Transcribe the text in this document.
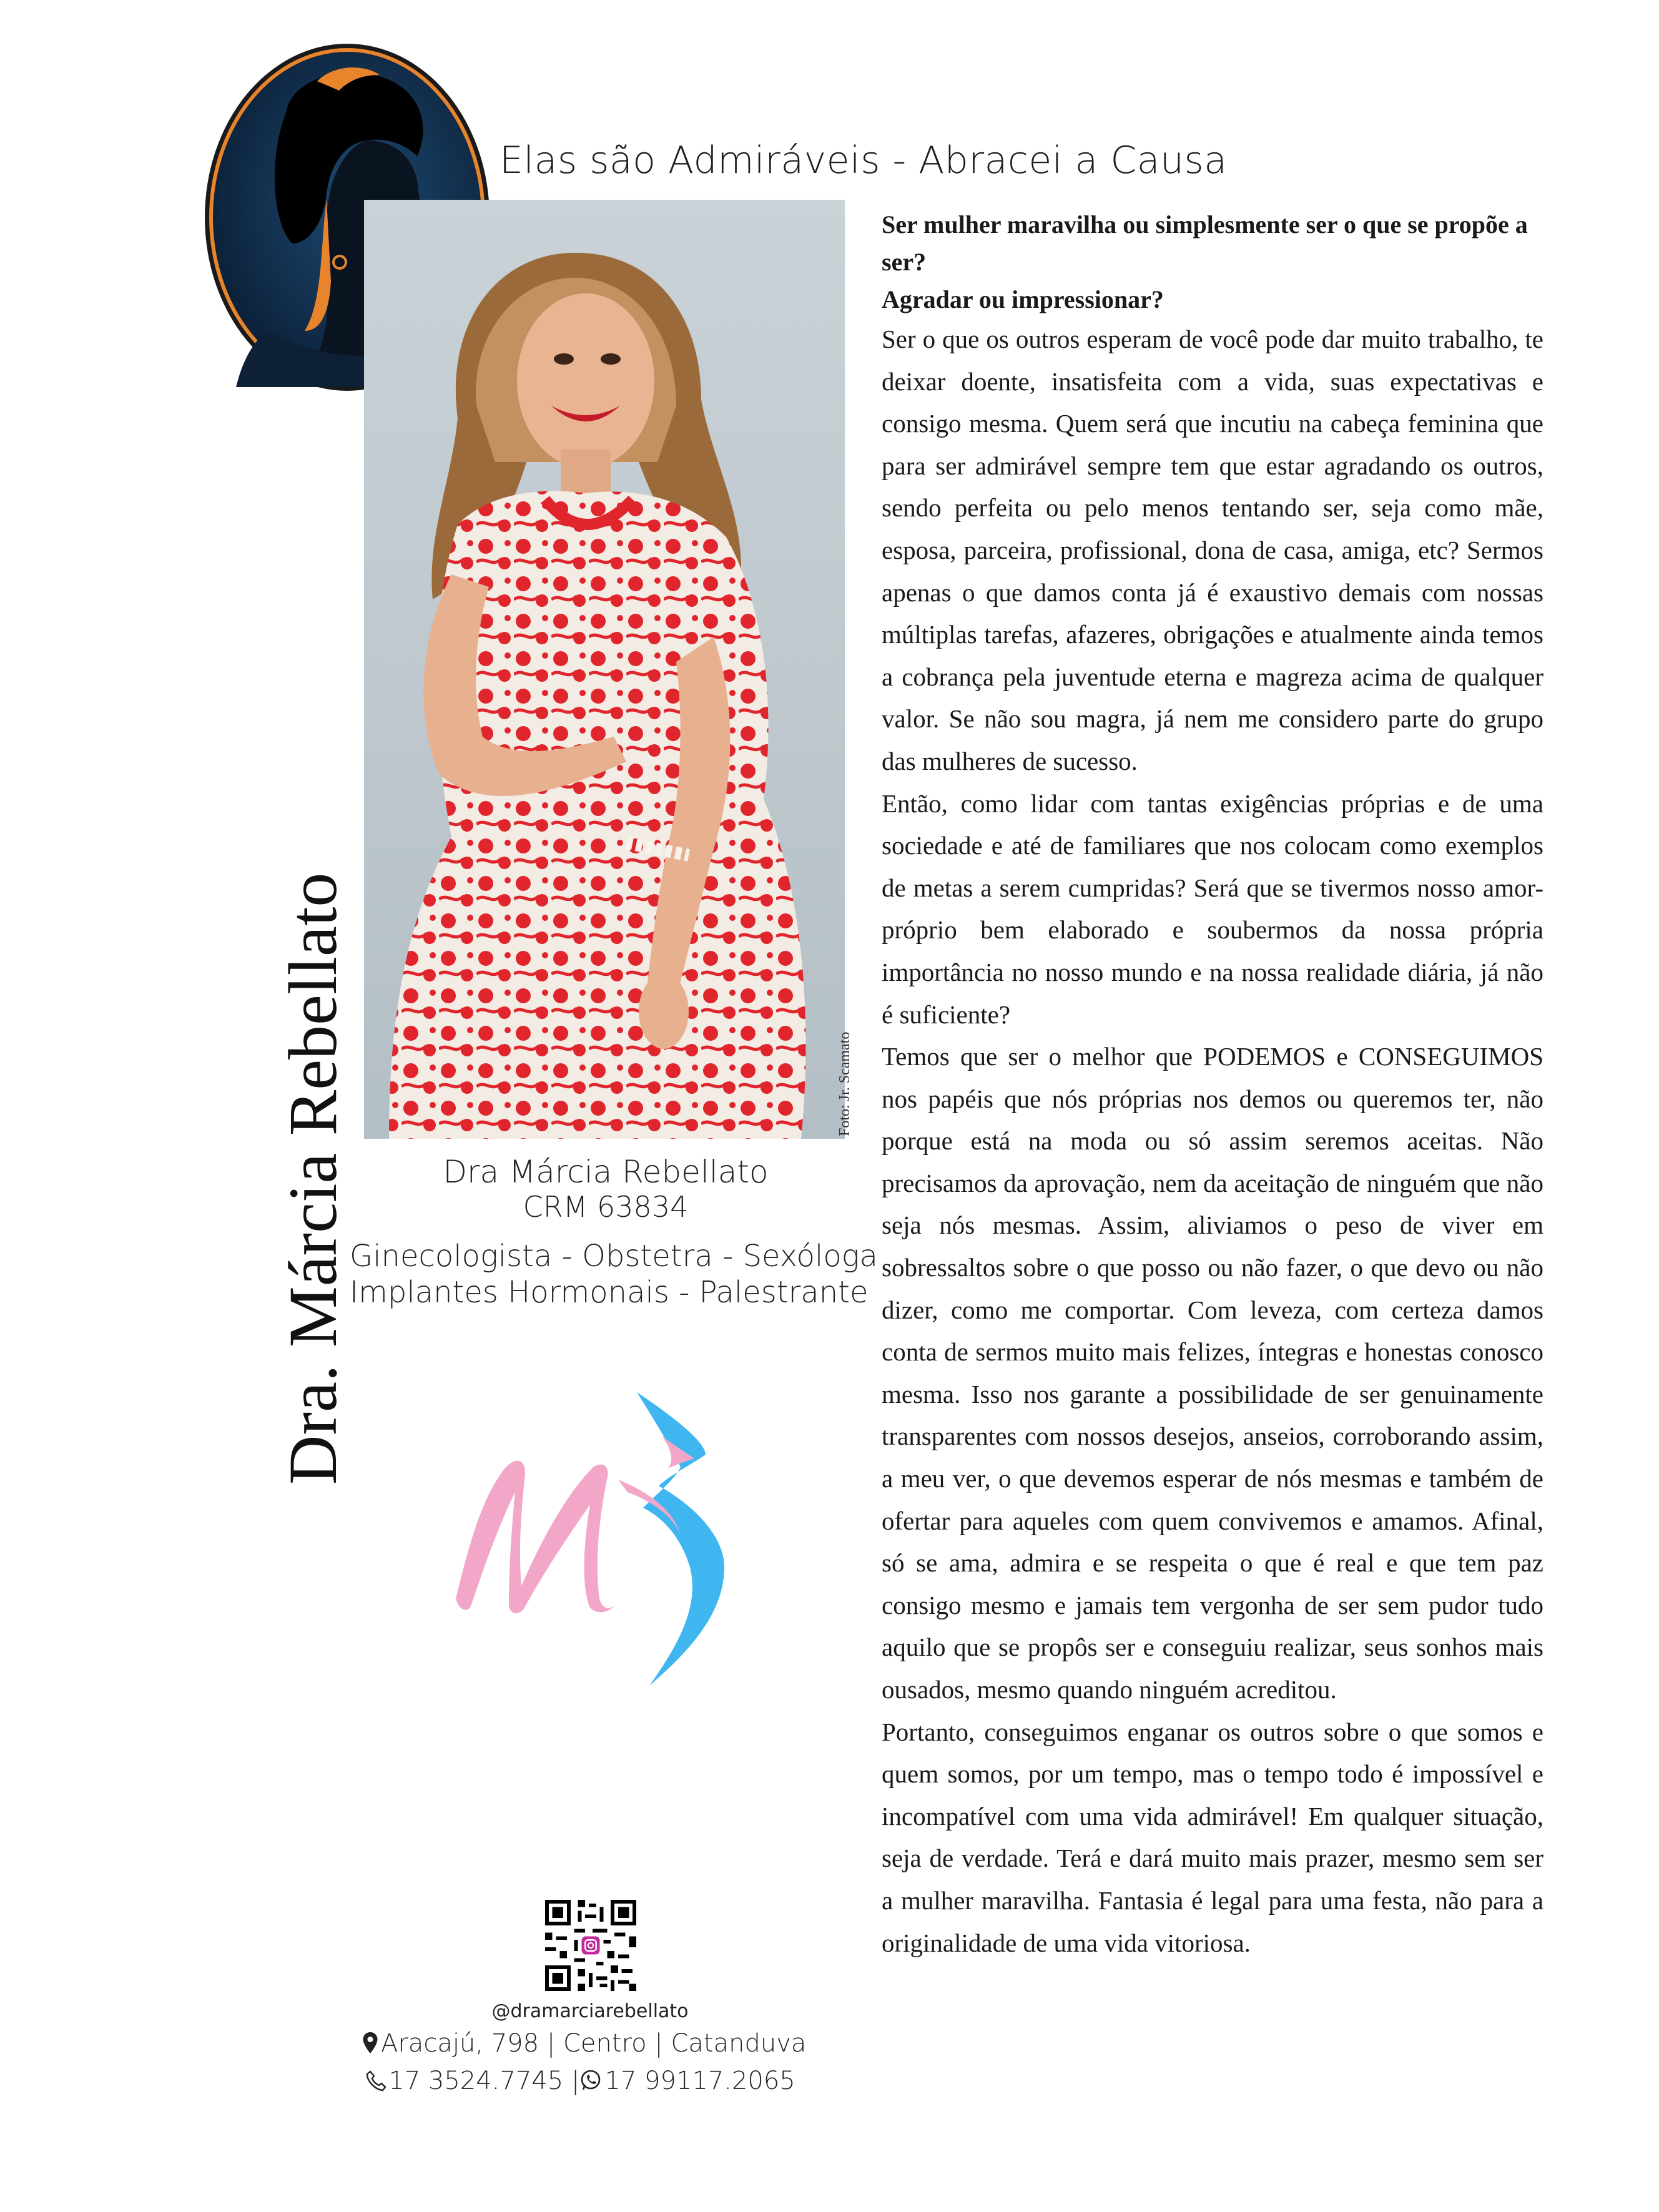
Elas são Admiráveis - Abracei a Causa
Foto: Jr. Scamato
Dra. Márcia Rebellato	Dra Márcia Rebellato
CRM 63834
Ginecologista - Obstetra - Sexóloga
Implantes Hormonais - Palestrante
@dramarciarebellato
Aracajú, 798 | Centro | Catanduva
17 3524.7745 | 17 99117.2065

Ser mulher maravilha ou simplesmente ser o que se propõe a ser?

Agradar ou impressionar?

Ser o que os outros esperam de você pode dar muito trabalho, te deixar doente, insatisfeita com a vida, suas expectativas e consigo mesma. Quem será que incutiu na cabeça feminina que para ser admirável sempre tem que estar agradando os outros, sendo perfeita ou pelo menos tentando ser, seja como mãe, esposa, parceira, profissional, dona de casa, amiga, etc? Sermos apenas o que damos conta já é exaustivo demais com nossas múltiplas tarefas, afazeres, obrigações e atualmente ainda temos a cobrança pela juventude eterna e magreza acima de qualquer valor. Se não sou magra, já nem me considero parte do grupo das mulheres de sucesso.

Então, como lidar com tantas exigências próprias e de uma sociedade e até de familiares que nos colocam como exemplos de metas a serem cumpridas? Será que se tivermos nosso amor-próprio bem elaborado e soubermos da nossa própria importância no nosso mundo e na nossa realidade diária, já não é suficiente?

Temos que ser o melhor que PODEMOS e CONSEGUIMOS nos papéis que nós próprias nos demos ou queremos ter, não porque está na moda ou só assim seremos aceitas. Não precisamos da aprovação, nem da aceitação de ninguém que não seja nós mesmas. Assim, aliviamos o peso de viver em sobressaltos sobre o que posso ou não fazer, o que devo ou não dizer, como me comportar. Com leveza, com certeza damos conta de sermos muito mais felizes, íntegras e honestas conosco mesma. Isso nos garante a possibilidade de ser genuinamente transparentes com nossos desejos, anseios, corroborando assim, a meu ver, o que devemos esperar de nós mesmas e também de ofertar para aqueles com quem convivemos e amamos. Afinal, só se ama, admira e se respeita o que é real e que tem paz consigo mesmo e jamais tem vergonha de ser sem pudor tudo aquilo que se propôs ser e conseguiu realizar, seus sonhos mais ousados, mesmo quando ninguém acreditou.

Portanto, conseguimos enganar os outros sobre o que somos e quem somos, por um tempo, mas o tempo todo é impossível e incompatível com uma vida admirável! Em qualquer situação, seja de verdade. Terá e dará muito mais prazer, mesmo sem ser a mulher maravilha. Fantasia é legal para uma festa, não para a originalidade de uma vida vitoriosa.
